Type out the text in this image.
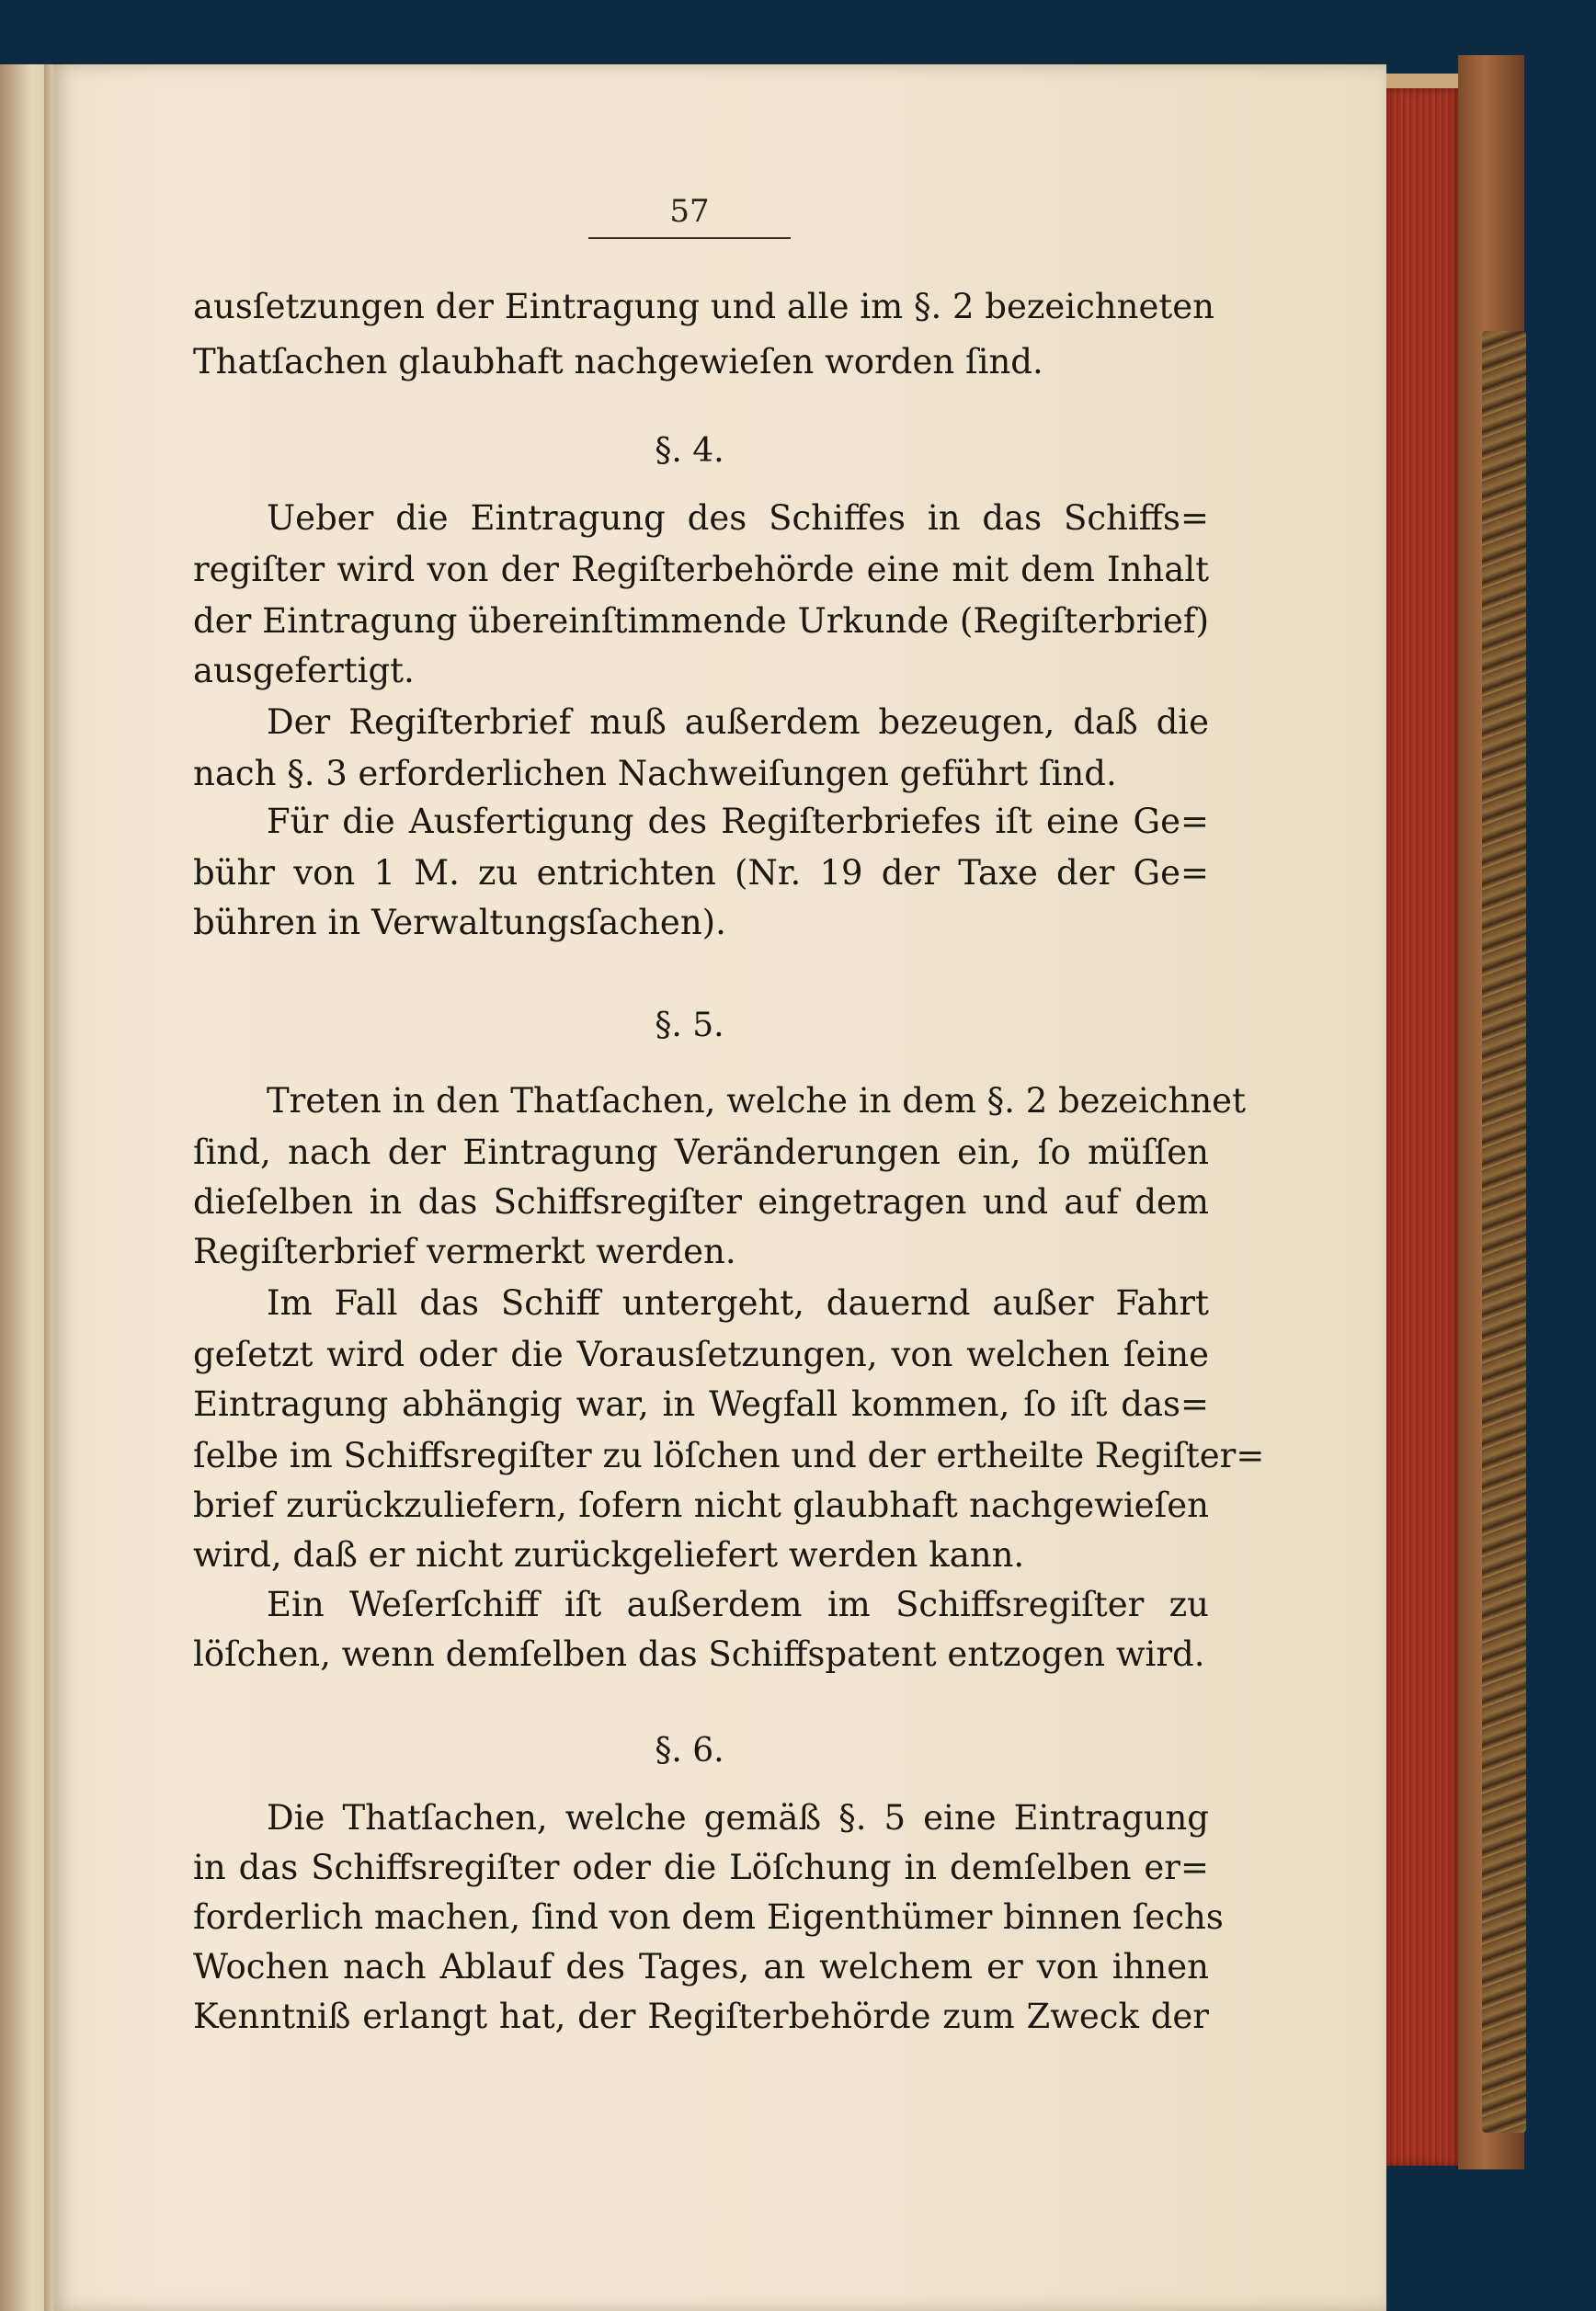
57
ausſetzungen der Eintragung und alle im §. 2 bezeichneten
Thatſachen glaubhaft nachgewieſen worden ſind.
§. 4.
Ueber die Eintragung des Schiffes in das Schiffs=
regiſter wird von der Regiſterbehörde eine mit dem Inhalt
der Eintragung übereinſtimmende Urkunde (Regiſterbrief)
ausgefertigt.
Der Regiſterbrief muß außerdem bezeugen, daß die
nach §. 3 erforderlichen Nachweiſungen geführt ſind.
Für die Ausfertigung des Regiſterbriefes iſt eine Ge=
bühr von 1 M. zu entrichten (Nr. 19 der Taxe der Ge=
bühren in Verwaltungsſachen).
§. 5.
Treten in den Thatſachen, welche in dem §. 2 bezeichnet
ſind, nach der Eintragung Veränderungen ein, ſo müſſen
dieſelben in das Schiffsregiſter eingetragen und auf dem
Regiſterbrief vermerkt werden.
Im Fall das Schiff untergeht, dauernd außer Fahrt
geſetzt wird oder die Vorausſetzungen, von welchen ſeine
Eintragung abhängig war, in Wegfall kommen, ſo iſt das=
ſelbe im Schiffsregiſter zu löſchen und der ertheilte Regiſter=
brief zurückzuliefern, ſofern nicht glaubhaft nachgewieſen
wird, daß er nicht zurückgeliefert werden kann.
Ein Weſerſchiff iſt außerdem im Schiffsregiſter zu
löſchen, wenn demſelben das Schiffspatent entzogen wird.
§. 6.
Die Thatſachen, welche gemäß §. 5 eine Eintragung
in das Schiffsregiſter oder die Löſchung in demſelben er=
forderlich machen, ſind von dem Eigenthümer binnen ſechs
Wochen nach Ablauf des Tages, an welchem er von ihnen
Kenntniß erlangt hat, der Regiſterbehörde zum Zweck der
